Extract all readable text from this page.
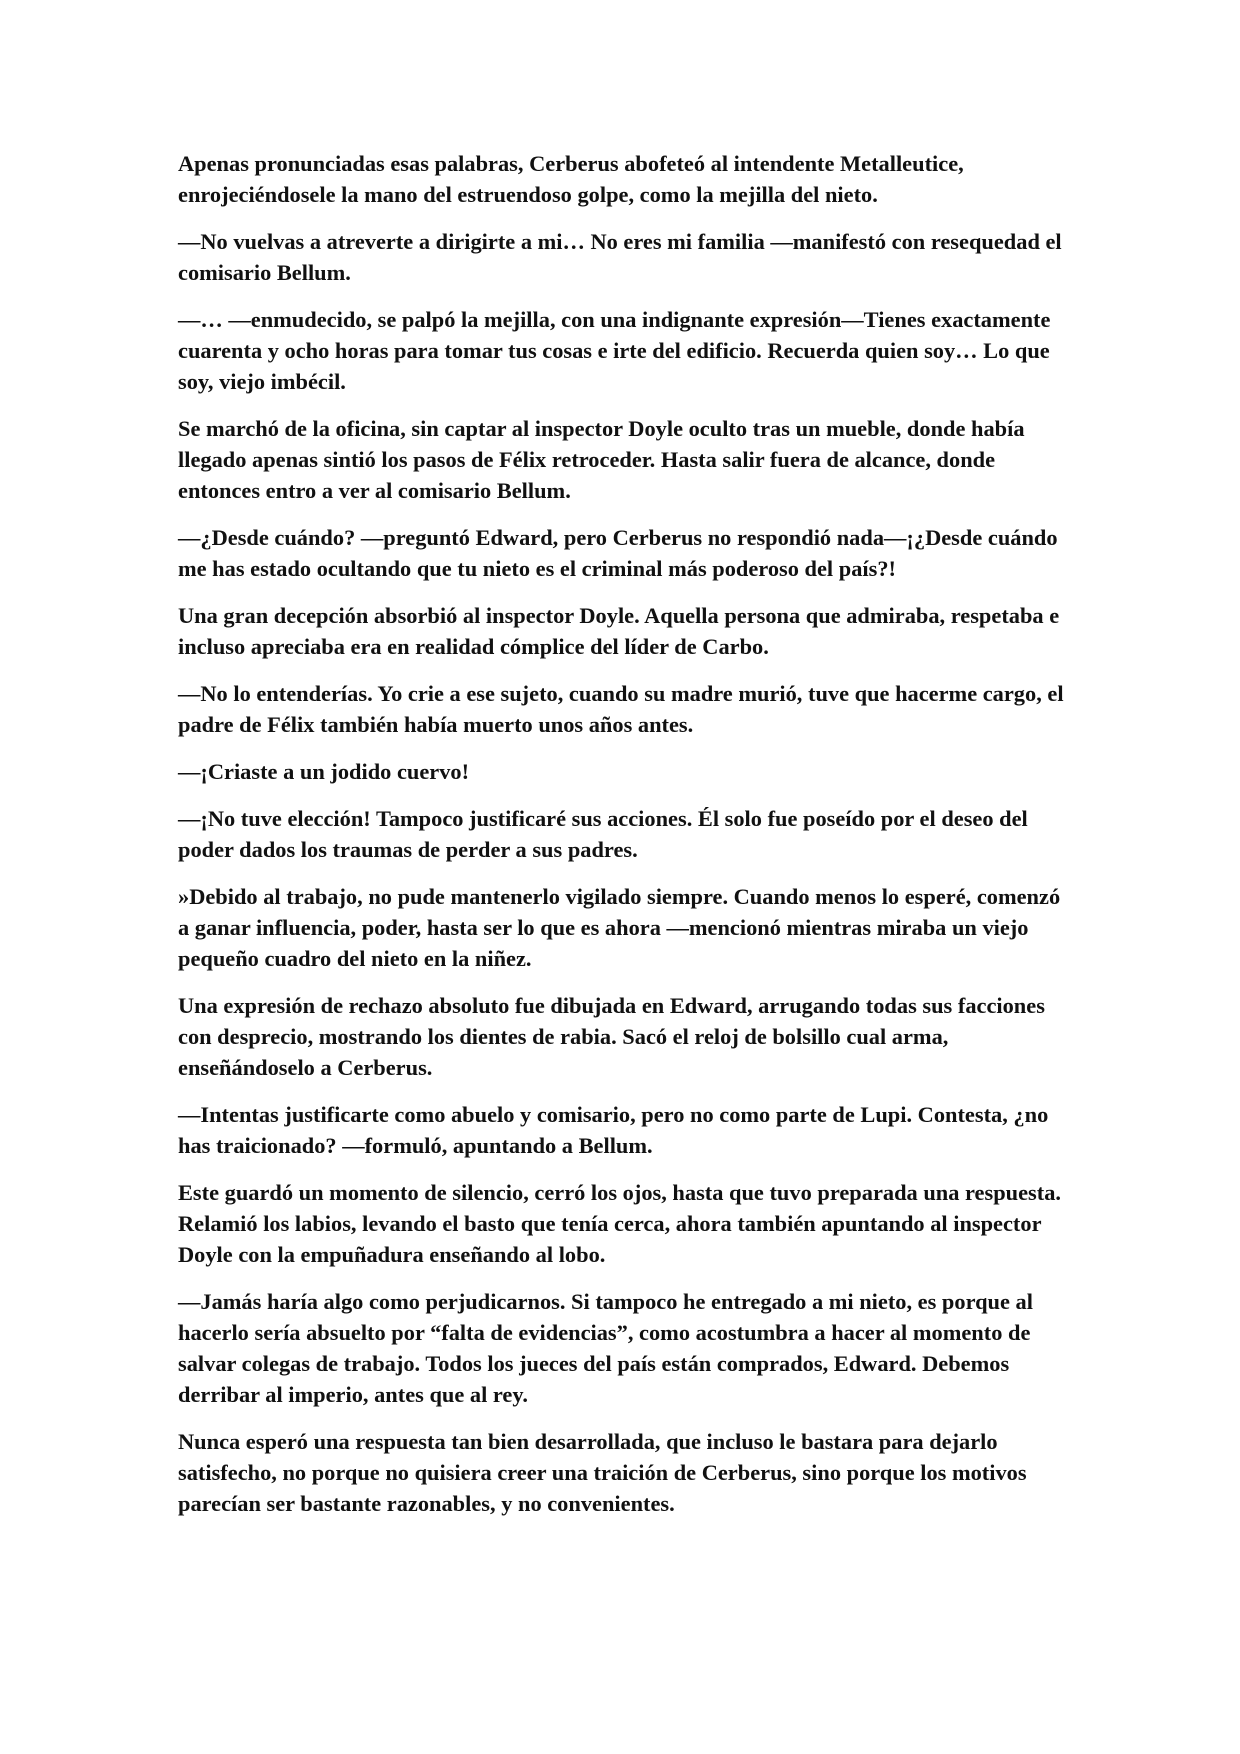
Apenas pronunciadas esas palabras, Cerberus abofeteó al intendente Metalleutice, enrojeciéndosele la mano del estruendoso golpe, como la mejilla del nieto.

—No vuelvas a atreverte a dirigirte a mi… No eres mi familia —manifestó con resequedad el comisario Bellum.

—… —enmudecido, se palpó la mejilla, con una indignante expresión—Tienes exactamente cuarenta y ocho horas para tomar tus cosas e irte del edificio. Recuerda quien soy… Lo que soy, viejo imbécil.

Se marchó de la oficina, sin captar al inspector Doyle oculto tras un mueble, donde había llegado apenas sintió los pasos de Félix retroceder. Hasta salir fuera de alcance, donde entonces entro a ver al comisario Bellum.

—¿Desde cuándo? —preguntó Edward, pero Cerberus no respondió nada—¡¿Desde cuándo me has estado ocultando que tu nieto es el criminal más poderoso del país?!

Una gran decepción absorbió al inspector Doyle. Aquella persona que admiraba, respetaba e incluso apreciaba era en realidad cómplice del líder de Carbo.

—No lo entenderías. Yo crie a ese sujeto, cuando su madre murió, tuve que hacerme cargo, el padre de Félix también había muerto unos años antes.

—¡Criaste a un jodido cuervo!

—¡No tuve elección! Tampoco justificaré sus acciones. Él solo fue poseído por el deseo del poder dados los traumas de perder a sus padres.

»Debido al trabajo, no pude mantenerlo vigilado siempre. Cuando menos lo esperé, comenzó a ganar influencia, poder, hasta ser lo que es ahora —mencionó mientras miraba un viejo pequeño cuadro del nieto en la niñez.

Una expresión de rechazo absoluto fue dibujada en Edward, arrugando todas sus facciones con desprecio, mostrando los dientes de rabia. Sacó el reloj de bolsillo cual arma, enseñándoselo a Cerberus.

—Intentas justificarte como abuelo y comisario, pero no como parte de Lupi. Contesta, ¿no has traicionado? —formuló, apuntando a Bellum.

Este guardó un momento de silencio, cerró los ojos, hasta que tuvo preparada una respuesta. Relamió los labios, levando el basto que tenía cerca, ahora también apuntando al inspector Doyle con la empuñadura enseñando al lobo.

—Jamás haría algo como perjudicarnos. Si tampoco he entregado a mi nieto, es porque al hacerlo sería absuelto por “falta de evidencias”, como acostumbra a hacer al momento de salvar colegas de trabajo. Todos los jueces del país están comprados, Edward. Debemos derribar al imperio, antes que al rey.

Nunca esperó una respuesta tan bien desarrollada, que incluso le bastara para dejarlo satisfecho, no porque no quisiera creer una traición de Cerberus, sino porque los motivos parecían ser bastante razonables, y no convenientes.
